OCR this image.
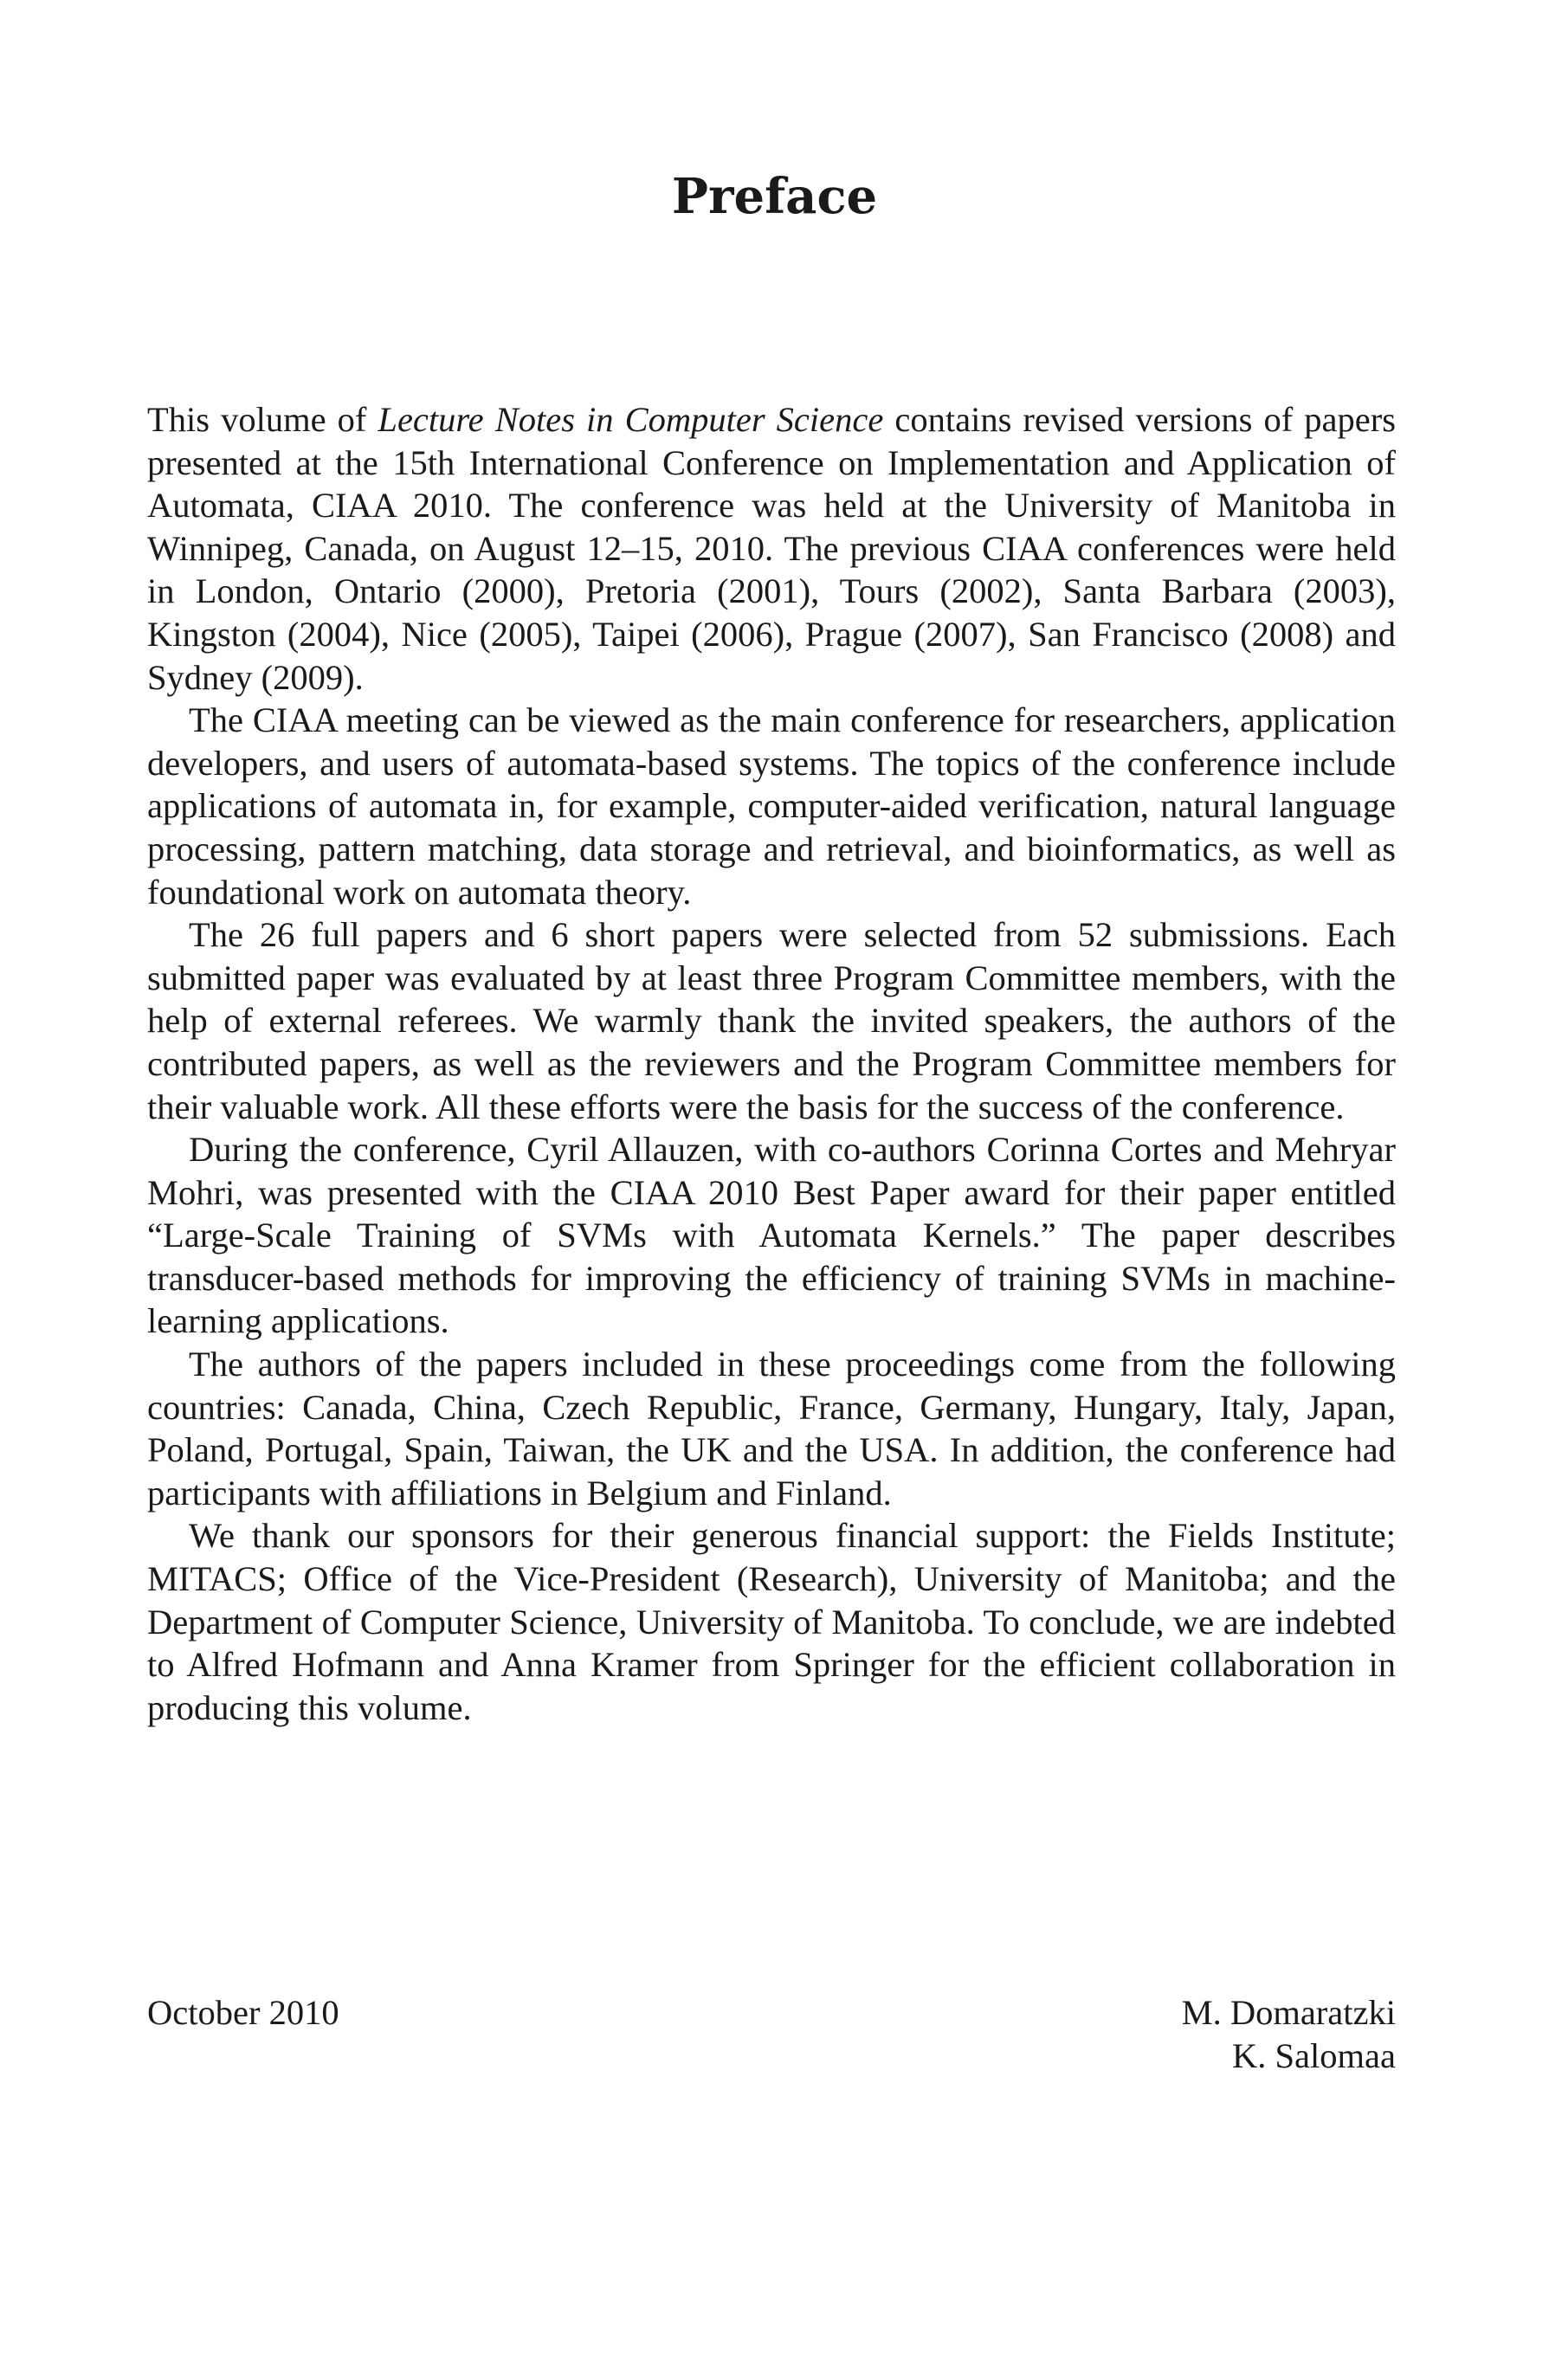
Preface

This volume of Lecture Notes in Computer Science contains revised versions of papers presented at the 15th International Conference on Implementation and Application of Automata, CIAA 2010. The conference was held at the University of Manitoba in Winnipeg, Canada, on August 12–15, 2010. The previous CIAA conferences were held in London, Ontario (2000), Pretoria (2001), Tours (2002), Santa Barbara (2003), Kingston (2004), Nice (2005), Taipei (2006), Prague (2007), San Francisco (2008) and Sydney (2009).

The CIAA meeting can be viewed as the main conference for researchers, application developers, and users of automata-based systems. The topics of the conference include applications of automata in, for example, computer-aided verification, natural language processing, pattern matching, data storage and retrieval, and bioinformatics, as well as foundational work on automata theory.

The 26 full papers and 6 short papers were selected from 52 submissions. Each submitted paper was evaluated by at least three Program Committee members, with the help of external referees. We warmly thank the invited speakers, the authors of the contributed papers, as well as the reviewers and the Program Committee members for their valuable work. All these efforts were the basis for the success of the conference.

During the conference, Cyril Allauzen, with co-authors Corinna Cortes and Mehryar Mohri, was presented with the CIAA 2010 Best Paper award for their paper entitled “Large-Scale Training of SVMs with Automata Kernels.” The paper describes transducer-based methods for improving the efficiency of training SVMs in machine-learning applications.

The authors of the papers included in these proceedings come from the following countries: Canada, China, Czech Republic, France, Germany, Hungary, Italy, Japan, Poland, Portugal, Spain, Taiwan, the UK and the USA. In addition, the conference had participants with affiliations in Belgium and Finland.

We thank our sponsors for their generous financial support: the Fields Institute; MITACS; Office of the Vice-President (Research), University of Manitoba; and the Department of Computer Science, University of Manitoba. To conclude, we are indebted to Alfred Hofmann and Anna Kramer from Springer for the efficient collaboration in producing this volume.

October 2010	M. Domaratzki
K. Salomaa
